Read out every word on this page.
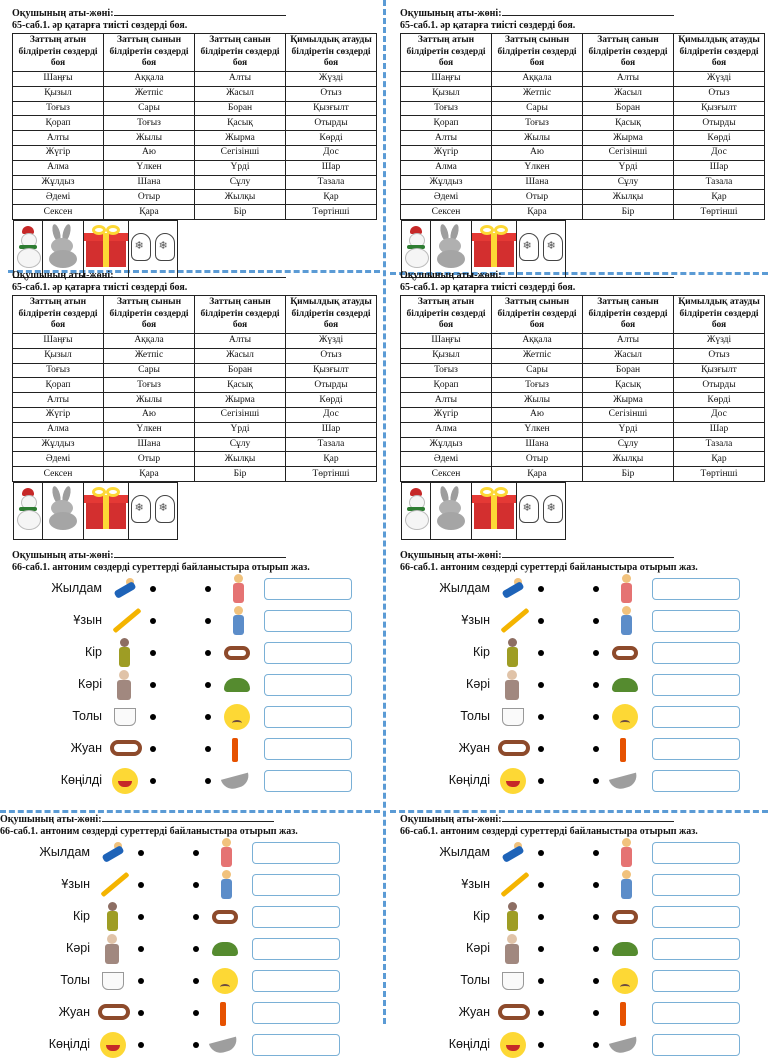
Оқушының аты-жөні:
65-саб.1. әр қатарға тиісті сөздерді боя.
Заттың атын білдіретін сөздерді боя	Заттың сынын білдіретін сөздерді боя	Заттың санын білдіретін сөздерді боя	Қимылдық атауды білдіретін сөздерді боя
Шаңғы	Аққала	Алты	Жүзді
Қызыл	Жетпіс	Жасыл	Отыз
Тоғыз	Сары	Боран	Қызғылт
Қорап	Тоғыз	Қасық	Отырды
Алты	Жылы	Жырма	Көрді
Жүгір	Аю	Сегізінші	Дос
Алма	Үлкен	Үрді	Шар
Жұлдыз	Шана	Сұлу	Тазала
Әдемі	Отыр	Жылқы	Қар
Сексен	Қара	Бір	Төртінші

❄
❄
Оқушының аты-жөні:
65-саб.1. әр қатарға тиісті сөздерді боя.
Заттың атын білдіретін сөздерді боя	Заттың сынын білдіретін сөздерді боя	Заттың санын білдіретін сөздерді боя	Қимылдық атауды білдіретін сөздерді боя
Шаңғы	Аққала	Алты	Жүзді
Қызыл	Жетпіс	Жасыл	Отыз
Тоғыз	Сары	Боран	Қызғылт
Қорап	Тоғыз	Қасық	Отырды
Алты	Жылы	Жырма	Көрді
Жүгір	Аю	Сегізінші	Дос
Алма	Үлкен	Үрді	Шар
Жұлдыз	Шана	Сұлу	Тазала
Әдемі	Отыр	Жылқы	Қар
Сексен	Қара	Бір	Төртінші

❄
❄
Оқушының аты-жөні:
65-саб.1. әр қатарға тиісті сөздерді боя.
Заттың атын білдіретін сөздерді боя	Заттың сынын білдіретін сөздерді боя	Заттың санын білдіретін сөздерді боя	Қимылдық атауды білдіретін сөздерді боя
Шаңғы	Аққала	Алты	Жүзді
Қызыл	Жетпіс	Жасыл	Отыз
Тоғыз	Сары	Боран	Қызғылт
Қорап	Тоғыз	Қасық	Отырды
Алты	Жылы	Жырма	Көрді
Жүгір	Аю	Сегізінші	Дос
Алма	Үлкен	Үрді	Шар
Жұлдыз	Шана	Сұлу	Тазала
Әдемі	Отыр	Жылқы	Қар
Сексен	Қара	Бір	Төртінші

❄
❄
Оқушының аты-жөні:
65-саб.1. әр қатарға тиісті сөздерді боя.
Заттың атын білдіретін сөздерді боя	Заттың сынын білдіретін сөздерді боя	Заттың санын білдіретін сөздерді боя	Қимылдық атауды білдіретін сөздерді боя
Шаңғы	Аққала	Алты	Жүзді
Қызыл	Жетпіс	Жасыл	Отыз
Тоғыз	Сары	Боран	Қызғылт
Қорап	Тоғыз	Қасық	Отырды
Алты	Жылы	Жырма	Көрді
Жүгір	Аю	Сегізінші	Дос
Алма	Үлкен	Үрді	Шар
Жұлдыз	Шана	Сұлу	Тазала
Әдемі	Отыр	Жылқы	Қар
Сексен	Қара	Бір	Төртінші

❄
❄
Оқушының аты-жөні:
66-саб.1. антоним сөздерді суреттерді байланыстыра отырып жаз.
Жылдам
Ұзын
Кір
Кәрі
Толы
Жуан
Көңілді
Оқушының аты-жөні:
66-саб.1. антоним сөздерді суреттерді байланыстыра отырып жаз.
Жылдам
Ұзын
Кір
Кәрі
Толы
Жуан
Көңілді
Оқушының аты-жөні:
66-саб.1. антоним сөздерді суреттерді байланыстыра отырып жаз.
Жылдам
Ұзын
Кір
Кәрі
Толы
Жуан
Көңілді
Оқушының аты-жөні:
66-саб.1. антоним сөздерді суреттерді байланыстыра отырып жаз.
Жылдам
Ұзын
Кір
Кәрі
Толы
Жуан
Көңілді
